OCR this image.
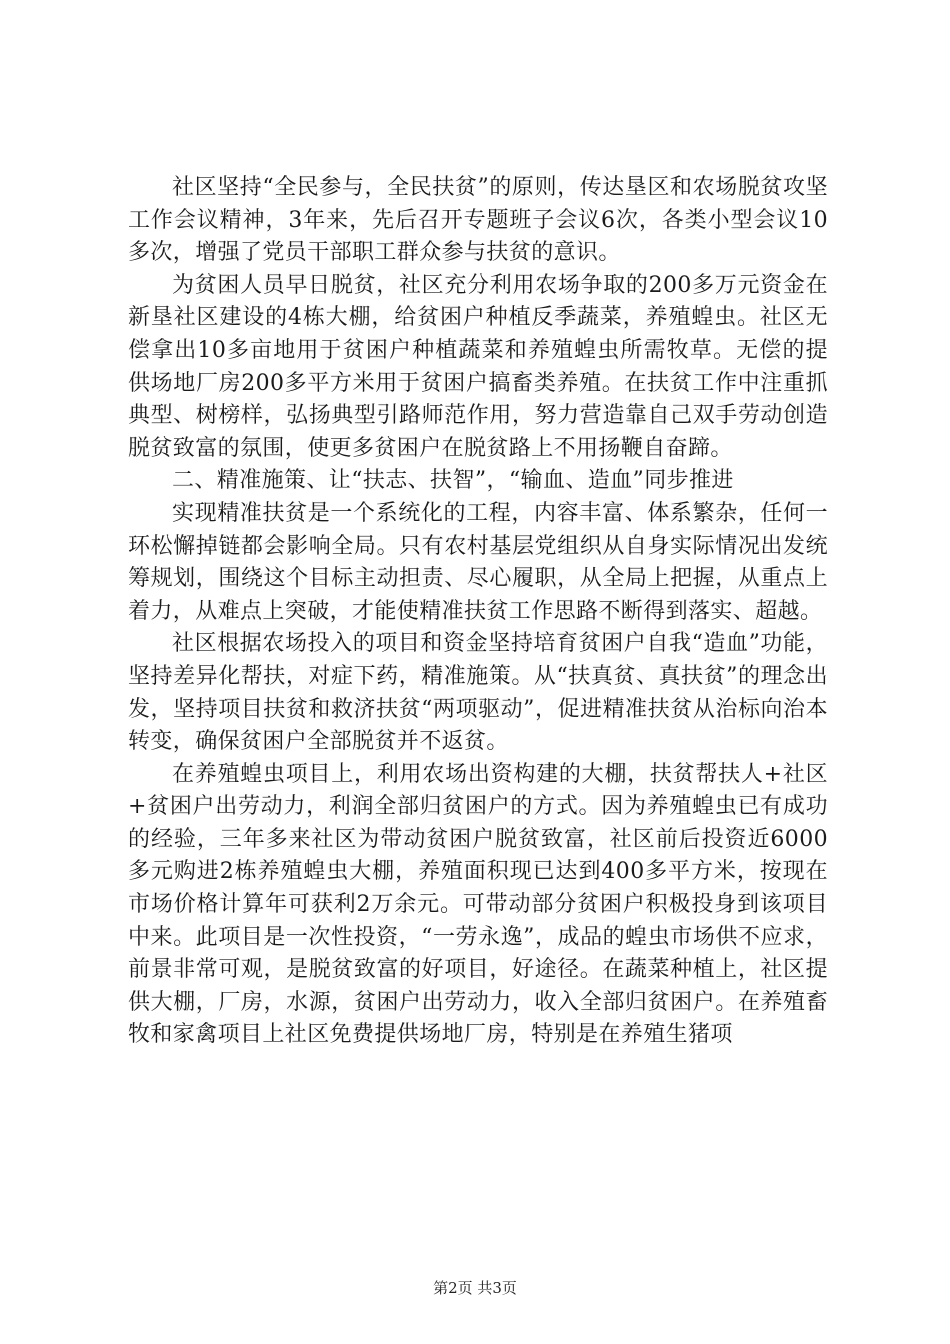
社区坚持“全民参与，全民扶贫”的原则，传达垦区和农场脱贫攻坚工作会议精神，3年来，先后召开专题班子会议6次，各类小型会议10多次，增强了党员干部职工群众参与扶贫的意识。

为贫困人员早日脱贫，社区充分利用农场争取的200多万元资金在新垦社区建设的4栋大棚，给贫困户种植反季蔬菜，养殖蝗虫。社区无偿拿出10多亩地用于贫困户种植蔬菜和养殖蝗虫所需牧草。无偿的提供场地厂房200多平方米用于贫困户搞畜类养殖。在扶贫工作中注重抓典型、树榜样，弘扬典型引路师范作用，努力营造靠自己双手劳动创造脱贫致富的氛围，使更多贫困户在脱贫路上不用扬鞭自奋蹄。

二、精准施策、让“扶志、扶智”，“输血、造血”同步推进

实现精准扶贫是一个系统化的工程，内容丰富、体系繁杂，任何一环松懈掉链都会影响全局。只有农村基层党组织从自身实际情况出发统筹规划，围绕这个目标主动担责、尽心履职，从全局上把握，从重点上着力，从难点上突破，才能使精准扶贫工作思路不断得到落实、超越。

社区根据农场投入的项目和资金坚持培育贫困户自我“造血”功能，坚持差异化帮扶，对症下药，精准施策。从“扶真贫、真扶贫”的理念出发，坚持项目扶贫和救济扶贫“两项驱动”，促进精准扶贫从治标向治本转变，确保贫困户全部脱贫并不返贫。

在养殖蝗虫项目上，利用农场出资构建的大棚，扶贫帮扶人+社区+贫困户出劳动力，利润全部归贫困户的方式。因为养殖蝗虫已有成功的经验，三年多来社区为带动贫困户脱贫致富，社区前后投资近6000多元购进2栋养殖蝗虫大棚，养殖面积现已达到400多平方米，按现在市场价格计算年可获利2万余元。可带动部分贫困户积极投身到该项目中来。此项目是一次性投资，“一劳永逸”，成品的蝗虫市场供不应求，前景非常可观，是脱贫致富的好项目，好途径。在蔬菜种植上，社区提供大棚，厂房，水源，贫困户出劳动力，收入全部归贫困户。在养殖畜牧和家禽项目上社区免费提供场地厂房，特别是在养殖生猪项

第2页 共3页
